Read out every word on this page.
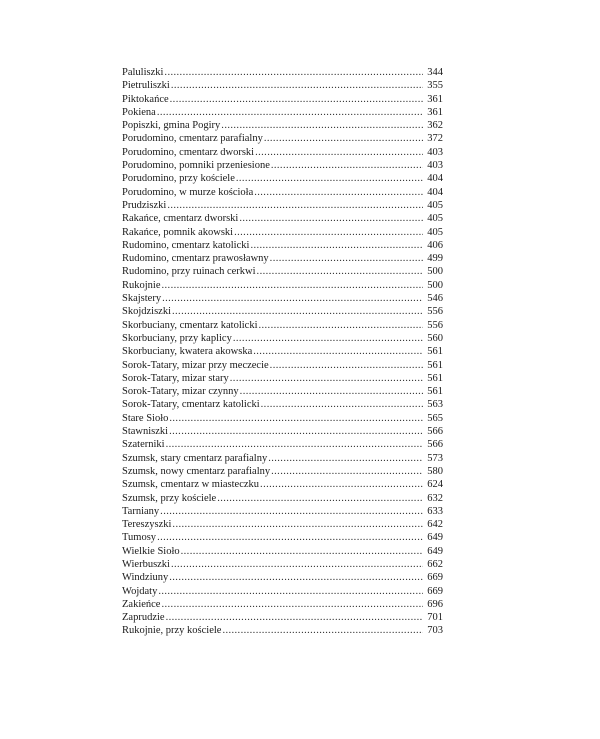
Paluliszki .....	344
Pietruliszki .....	355
Piktokańce .....	361
Pokiena .....	361
Popiszki, gmina Pogiry .....	362
Porudomino, cmentarz parafialny .....	372
Porudomino, cmentarz dworski .....	403
Porudomino, pomniki przeniesione .....	403
Porudomino, przy kościele .....	404
Porudomino, w murze kościoła .....	404
Prudziszki .....	405
Rakańce, cmentarz dworski .....	405
Rakańce, pomnik akowski .....	405
Rudomino, cmentarz katolicki .....	406
Rudomino, cmentarz prawosławny .....	499
Rudomino, przy ruinach cerkwi .....	500
Rukojnie .....	500
Skajstery .....	546
Skojdziszki .....	556
Skorbuciany, cmentarz katolicki .....	556
Skorbuciany, przy kaplicy .....	560
Skorbuciany, kwatera akowska .....	561
Sorok-Tatary, mizar przy meczecie .....	561
Sorok-Tatary, mizar stary .....	561
Sorok-Tatary, mizar czynny .....	561
Sorok-Tatary, cmentarz katolicki .....	563
Stare Sioło .....	565
Stawniszki .....	566
Szaterniki .....	566
Szumsk, stary cmentarz parafialny .....	573
Szumsk, nowy cmentarz parafialny .....	580
Szumsk, cmentarz w miasteczku .....	624
Szumsk, przy kościele .....	632
Tarniany .....	633
Tereszyszki .....	642
Tumosy .....	649
Wielkie Sioło .....	649
Wierbuszki .....	662
Windziuny .....	669
Wojdaty .....	669
Zakieńce .....	696
Zaprudzie .....	701
Rukojnie, przy kościele .....	703
